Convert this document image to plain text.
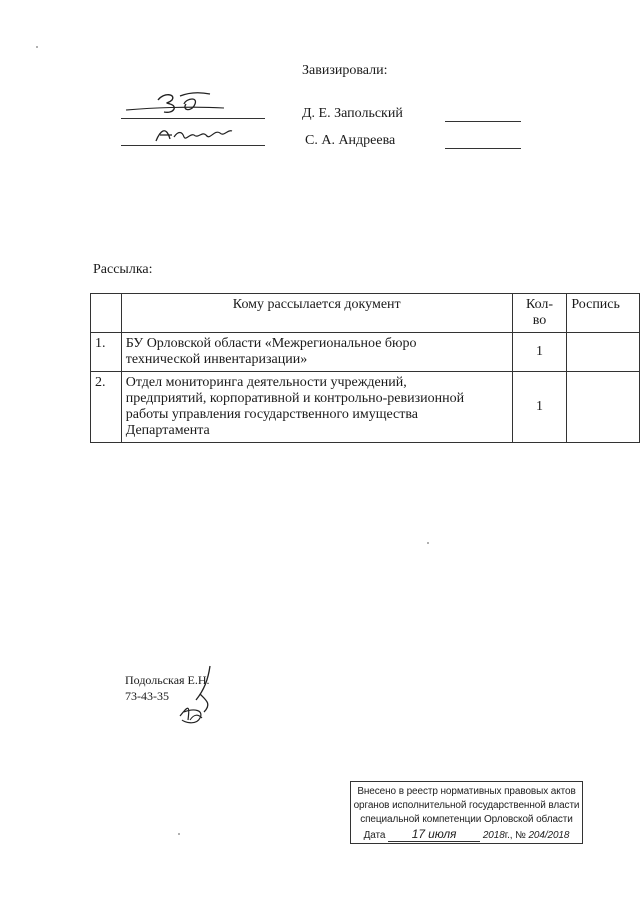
Завизировали:
Д. Е. Запольский
С. А. Андреева
Рассылка:
	Кому рассылается документ	Кол-
во	Роспись
1.	БУ Орловской области «Межрегиональное бюро
технической инвентаризации»	1	
2.	Отдел мониторинга деятельности учреждений,
предприятий, корпоративной и контрольно-ревизионной
работы управления государственного имущества
Департамента	1	
Подольская Е.Н.
73-43-35
Внесено в реестр нормативных правовых актов
органов исполнительной государственной власти
специальной компетенции Орловской области
Дата 17 июля	2018г., № 204/2018
